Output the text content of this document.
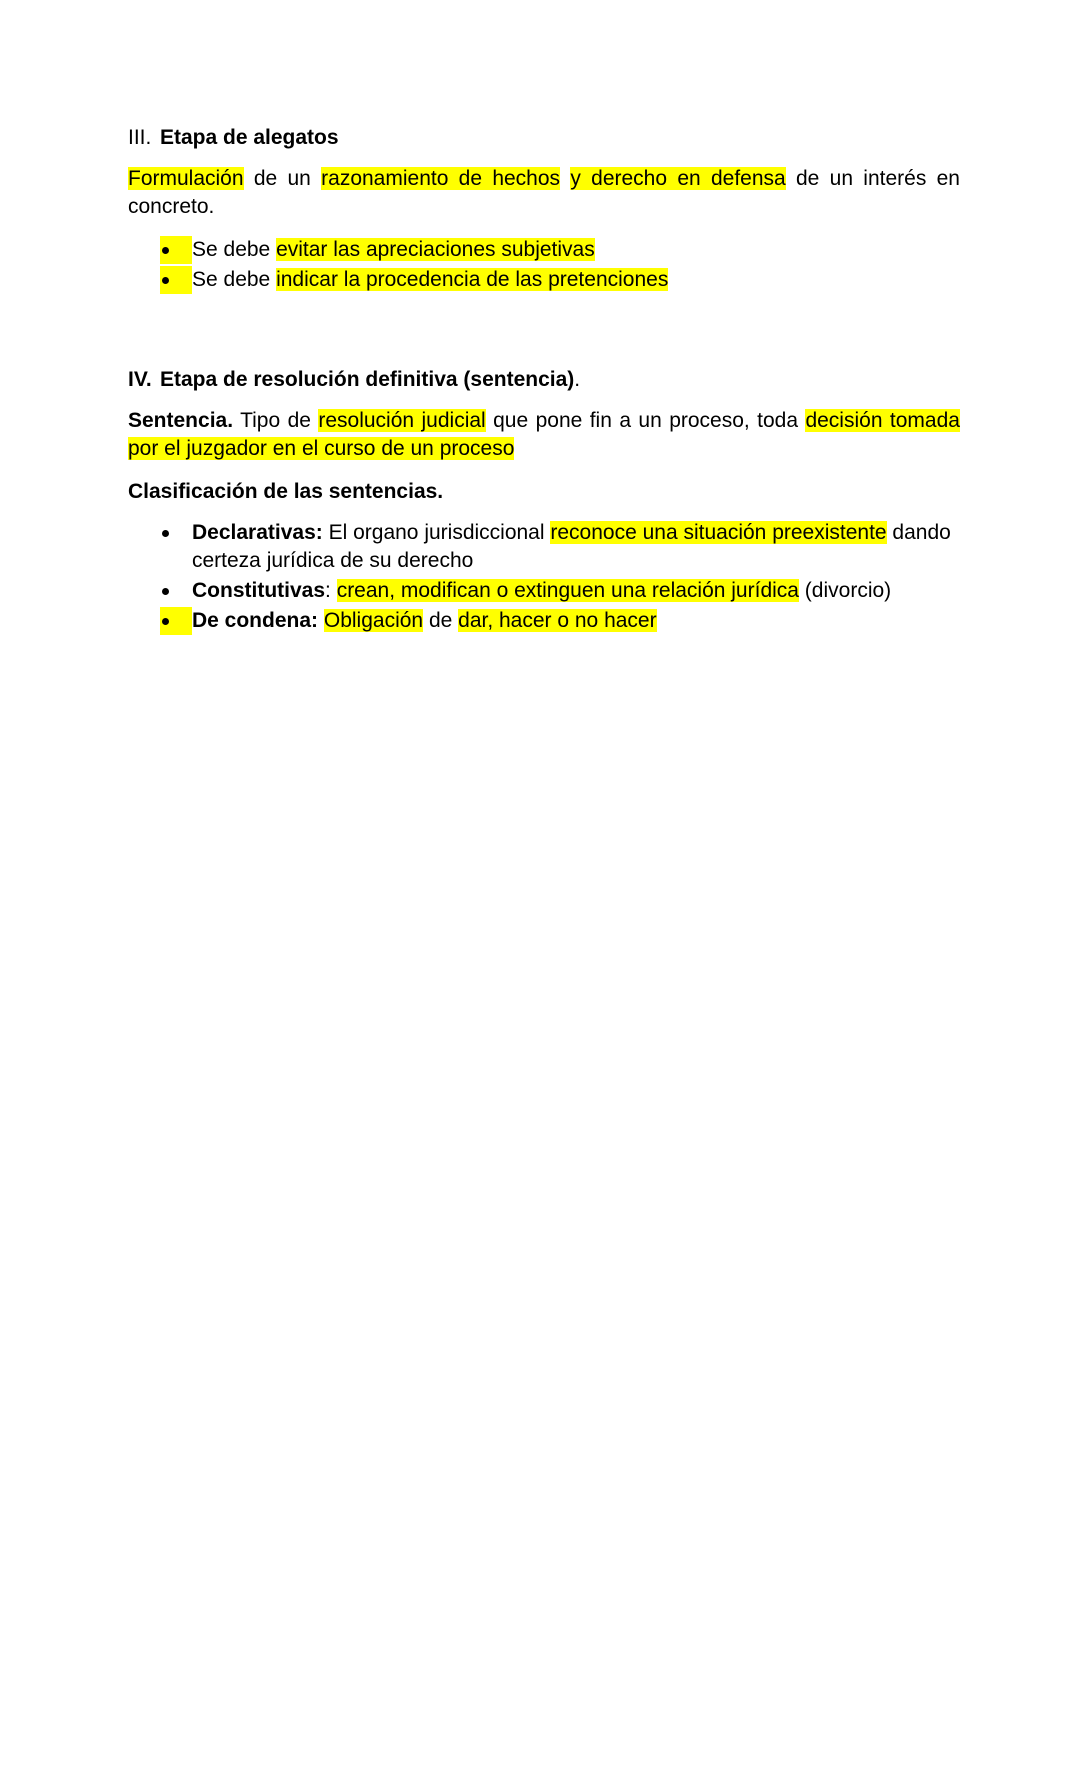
III. Etapa de alegatos

Formulación de un razonamiento de hechos y derecho en defensa de un interés en concreto.

Se debe evitar las apreciaciones subjetivas
Se debe indicar la procedencia de las pretenciones
IV. Etapa de resolución definitiva (sentencia).

Sentencia. Tipo de resolución judicial que pone fin a un proceso, toda decisión tomada por el juzgador en el curso de un proceso

Clasificación de las sentencias.
Declarativas: El organo jurisdiccional reconoce una situación preexistente dando certeza jurídica de su derecho
Constitutivas: crean, modifican o extinguen una relación jurídica (divorcio)
De condena: Obligación de dar, hacer o no hacer
